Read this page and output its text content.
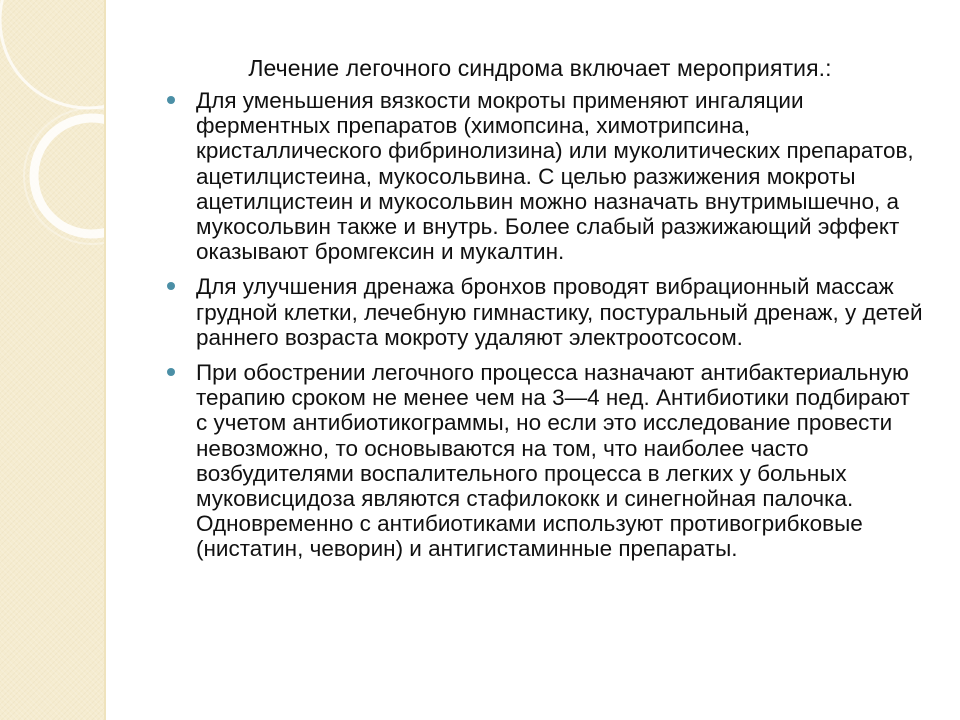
Лечение легочного синдрома включает мероприятия.:
Для уменьшения вязкости мокроты применяют ингаляции ферментных препаратов (химопсина, химотрипсина, кристаллического фибринолизина) или муколитических препаратов, ацетилцистеина, мукосольвина. С целью разжижения мокроты ацетилцистеин и мукосольвин можно назначать внутримышечно, а мукосольвин также и внутрь. Более слабый разжижающий эффект оказывают бромгексин и мукалтин.
Для улучшения дренажа бронхов проводят вибрационный массаж грудной клетки, лечебную гимнастику, постуральный дренаж, у детей раннего возраста мокроту удаляют электроотсосом.
При обострении легочного процесса назначают антибактериальную терапию сроком не менее чем на 3—4 нед. Антибиотики подбирают с учетом антибиотикограммы, но если это исследование провести невозможно, то основываются на том, что наиболее часто возбудителями воспалительного процесса в легких у больных муковисцидоза являются стафилококк и синегнойная палочка. Одновременно с антибиотиками используют противогрибковые (нистатин, чеворин) и антигистаминные препараты.
